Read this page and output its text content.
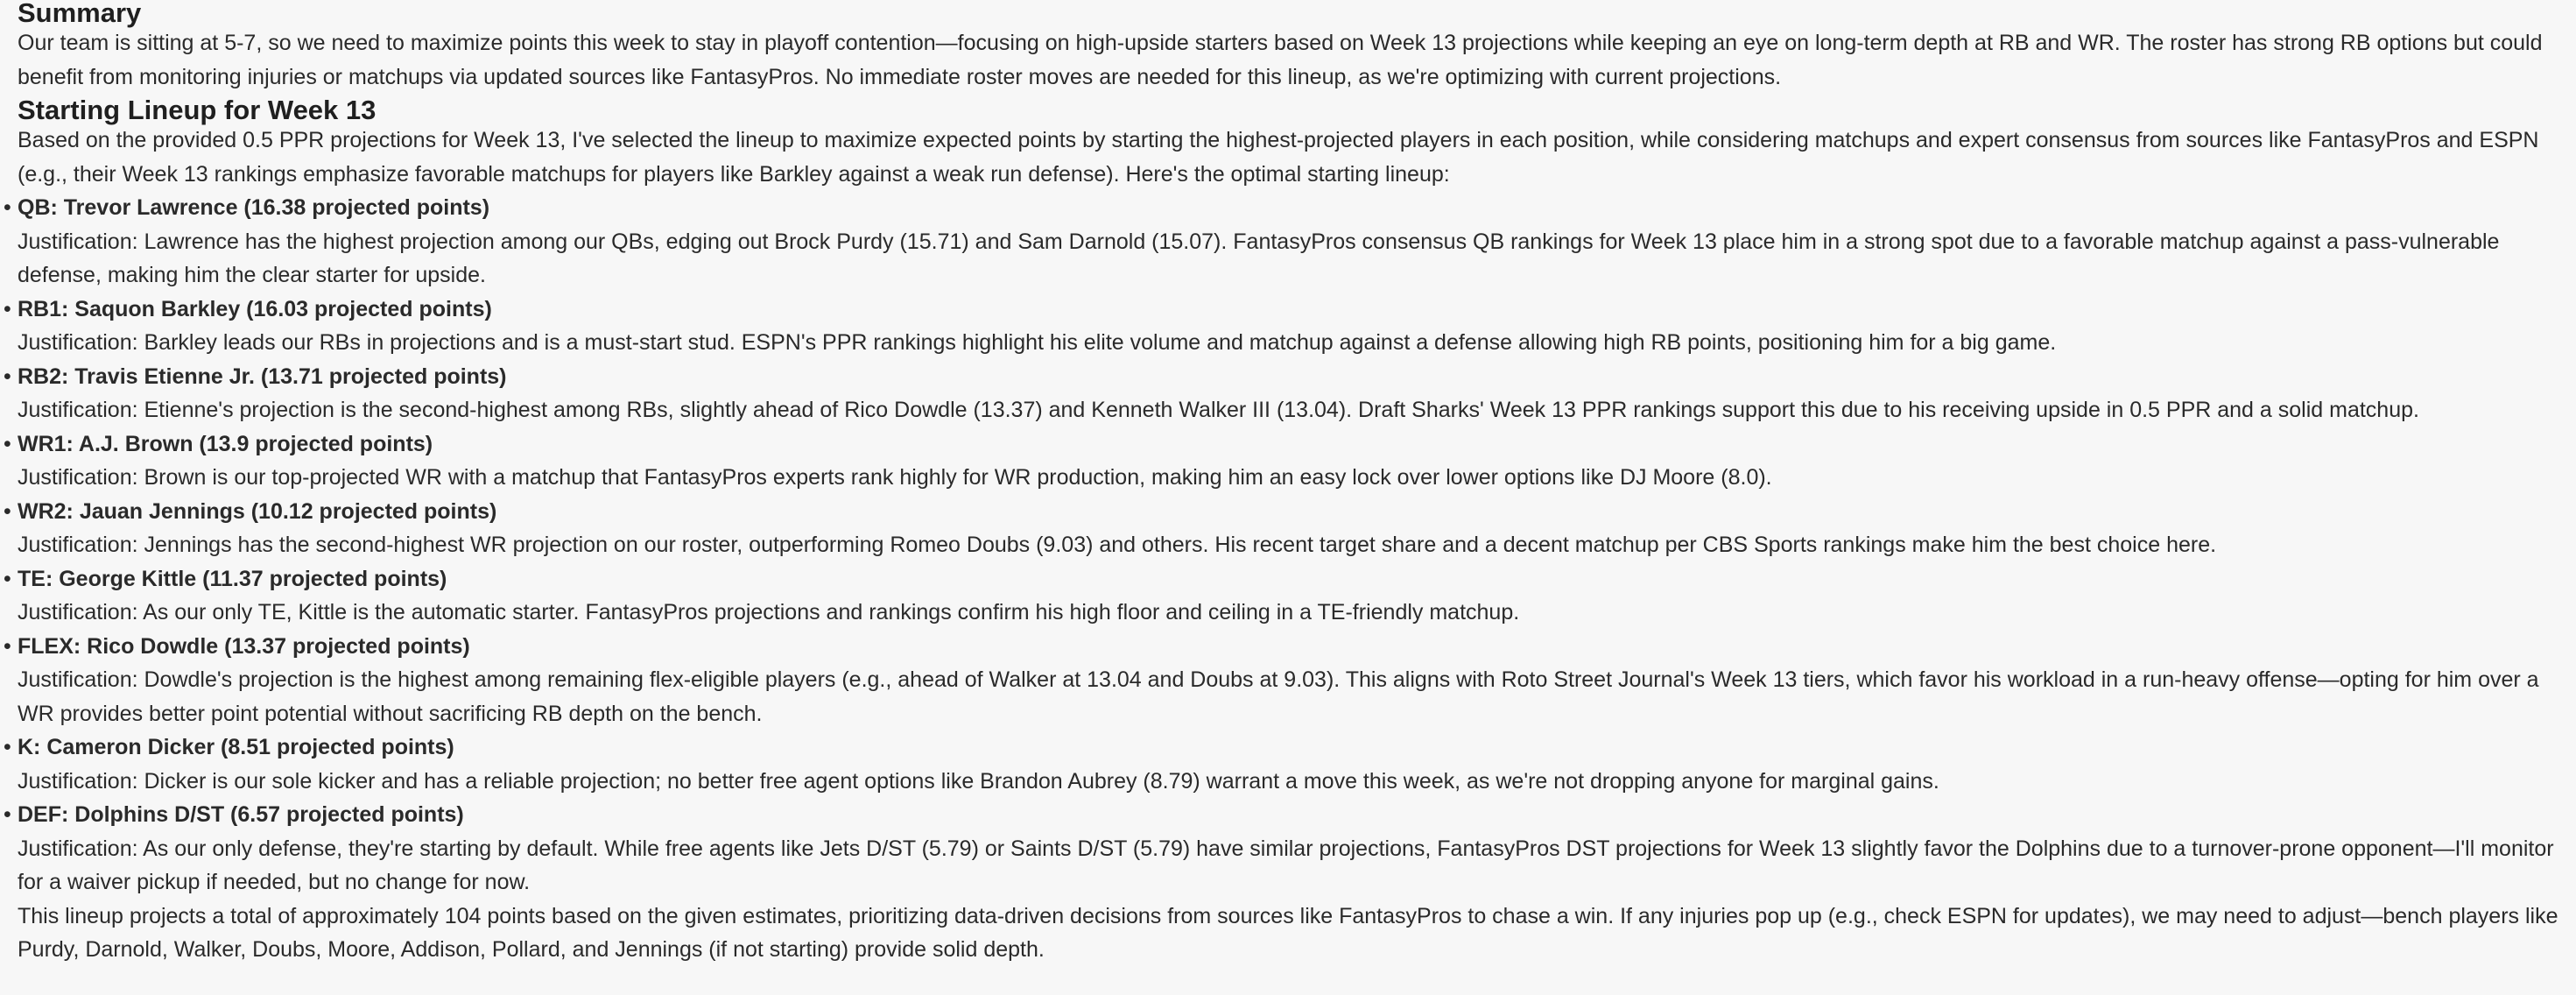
Summary

Our team is sitting at 5-7, so we need to maximize points this week to stay in playoff contention—focusing on high-upside starters based on Week 13 projections while keeping an eye on long-term depth at RB and WR. The roster has strong RB options but could benefit from monitoring injuries or matchups via updated sources like FantasyPros. No immediate roster moves are needed for this lineup, as we're optimizing with current projections.

Starting Lineup for Week 13

Based on the provided 0.5 PPR projections for Week 13, I've selected the lineup to maximize expected points by starting the highest-projected players in each position, while considering matchups and expert consensus from sources like FantasyPros and ESPN (e.g., their Week 13 rankings emphasize favorable matchups for players like Barkley against a weak run defense). Here's the optimal starting lineup:

• QB: Trevor Lawrence (16.38 projected points)
Justification: Lawrence has the highest projection among our QBs, edging out Brock Purdy (15.71) and Sam Darnold (15.07). FantasyPros consensus QB rankings for Week 13 place him in a strong spot due to a favorable matchup against a pass-vulnerable defense, making him the clear starter for upside.
• RB1: Saquon Barkley (16.03 projected points)
Justification: Barkley leads our RBs in projections and is a must-start stud. ESPN's PPR rankings highlight his elite volume and matchup against a defense allowing high RB points, positioning him for a big game.
• RB2: Travis Etienne Jr. (13.71 projected points)
Justification: Etienne's projection is the second-highest among RBs, slightly ahead of Rico Dowdle (13.37) and Kenneth Walker III (13.04). Draft Sharks' Week 13 PPR rankings support this due to his receiving upside in 0.5 PPR and a solid matchup.
• WR1: A.J. Brown (13.9 projected points)
Justification: Brown is our top-projected WR with a matchup that FantasyPros experts rank highly for WR production, making him an easy lock over lower options like DJ Moore (8.0).
• WR2: Jauan Jennings (10.12 projected points)
Justification: Jennings has the second-highest WR projection on our roster, outperforming Romeo Doubs (9.03) and others. His recent target share and a decent matchup per CBS Sports rankings make him the best choice here.
• TE: George Kittle (11.37 projected points)
Justification: As our only TE, Kittle is the automatic starter. FantasyPros projections and rankings confirm his high floor and ceiling in a TE-friendly matchup.
• FLEX: Rico Dowdle (13.37 projected points)
Justification: Dowdle's projection is the highest among remaining flex-eligible players (e.g., ahead of Walker at 13.04 and Doubs at 9.03). This aligns with Roto Street Journal's Week 13 tiers, which favor his workload in a run-heavy offense—opting for him over a WR provides better point potential without sacrificing RB depth on the bench.
• K: Cameron Dicker (8.51 projected points)
Justification: Dicker is our sole kicker and has a reliable projection; no better free agent options like Brandon Aubrey (8.79) warrant a move this week, as we're not dropping anyone for marginal gains.
• DEF: Dolphins D/ST (6.57 projected points)
Justification: As our only defense, they're starting by default. While free agents like Jets D/ST (5.79) or Saints D/ST (5.79) have similar projections, FantasyPros DST projections for Week 13 slightly favor the Dolphins due to a turnover-prone opponent—I'll monitor for a waiver pickup if needed, but no change for now.

This lineup projects a total of approximately 104 points based on the given estimates, prioritizing data-driven decisions from sources like FantasyPros to chase a win. If any injuries pop up (e.g., check ESPN for updates), we may need to adjust—bench players like Purdy, Darnold, Walker, Doubs, Moore, Addison, Pollard, and Jennings (if not starting) provide solid depth.
